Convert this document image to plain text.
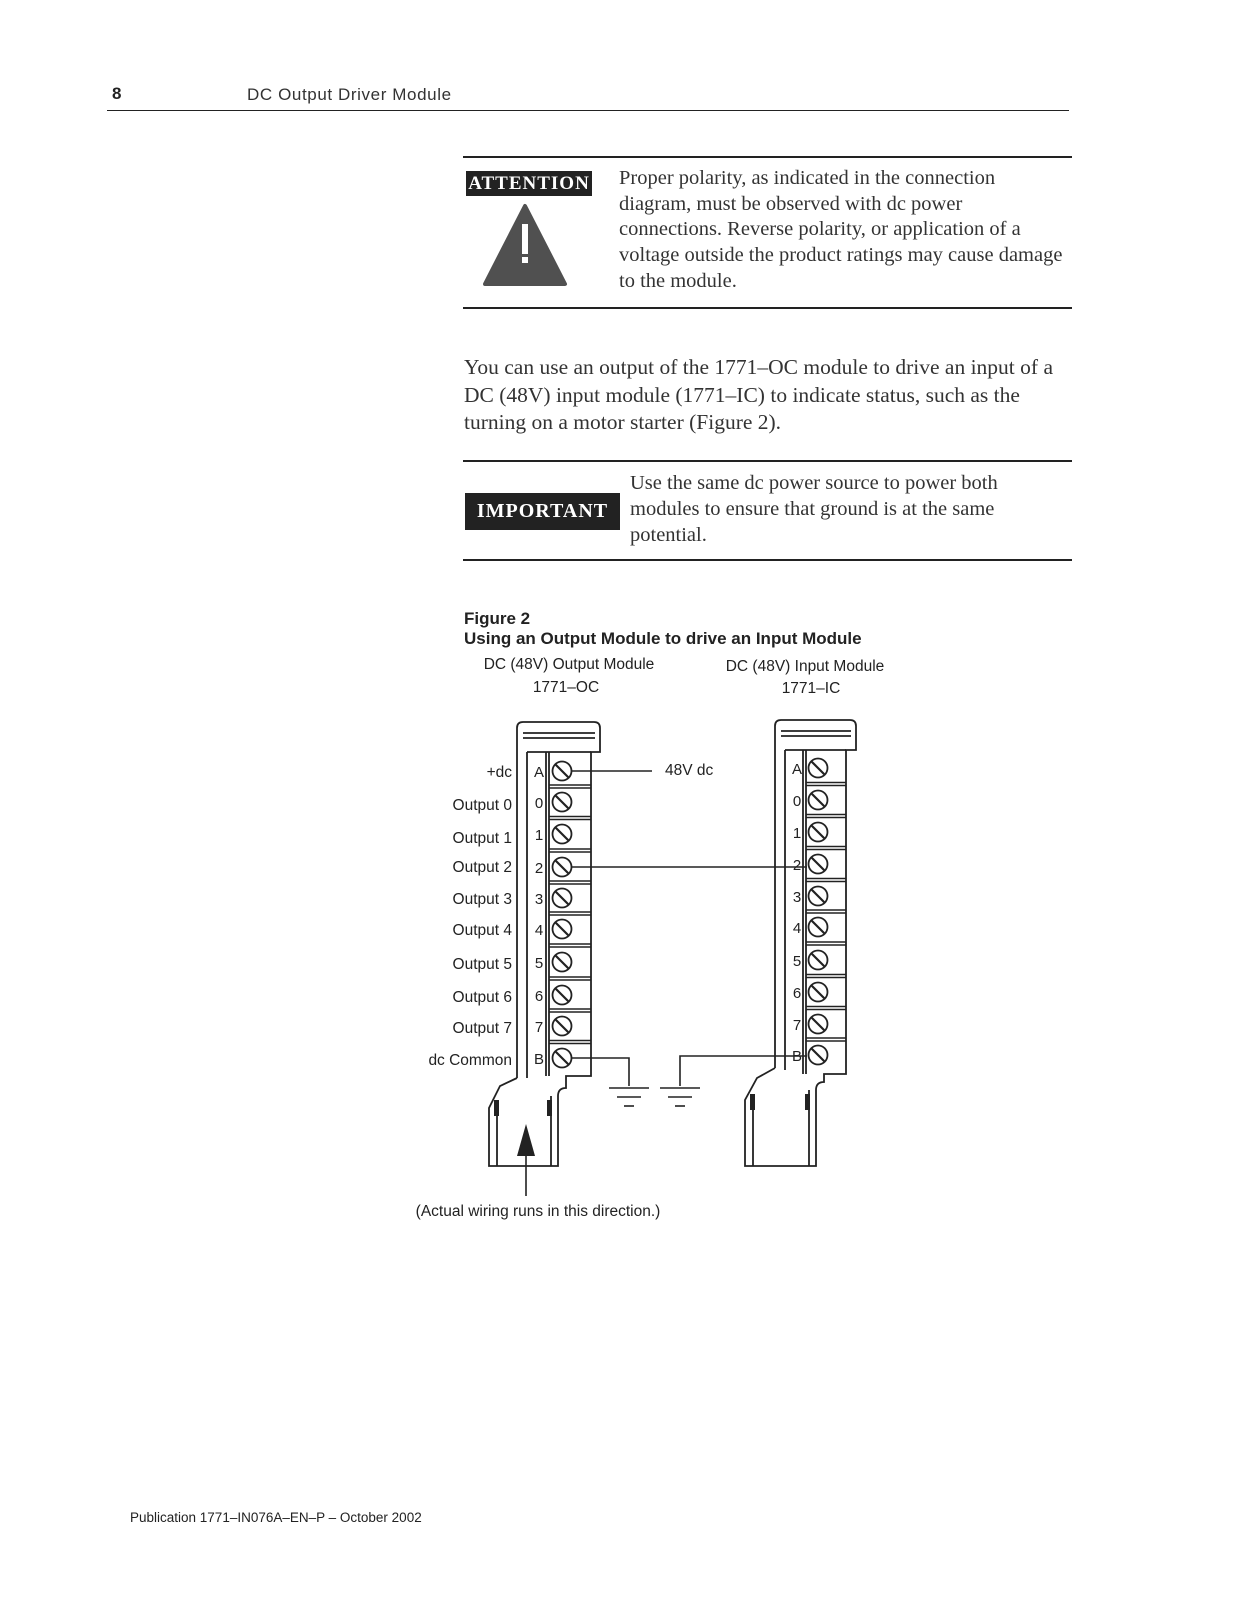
8	DC Output Driver Module
ATTENTION Proper polarity, as indicated in the connection diagram, must be observed with dc power connections. Reverse polarity, or application of a voltage outside the product ratings may cause damage to the module.
You can use an output of the 1771–OC module to drive an input of a DC (48V) input module (1771–IC) to indicate status, such as the turning on a motor starter (Figure 2).
IMPORTANT
Use the same dc power source to power both modules to ensure that ground is at the same potential.
Figure 2
Using an Output Module to drive an Input Module
DC (48V) Output Module
1771–OC
DC (48V) Input Module
1771–IC
A
0
1
2
3
4
5
6
7
B
A
0
1
2
3
4
5
6
7
B
48V dc
+dc
Output 0
Output 1
Output 2
Output 3
Output 4
Output 5
Output 6
Output 7
dc Common
(Actual wiring runs in this direction.)
Publication 1771–IN076A–EN–P – October 2002
